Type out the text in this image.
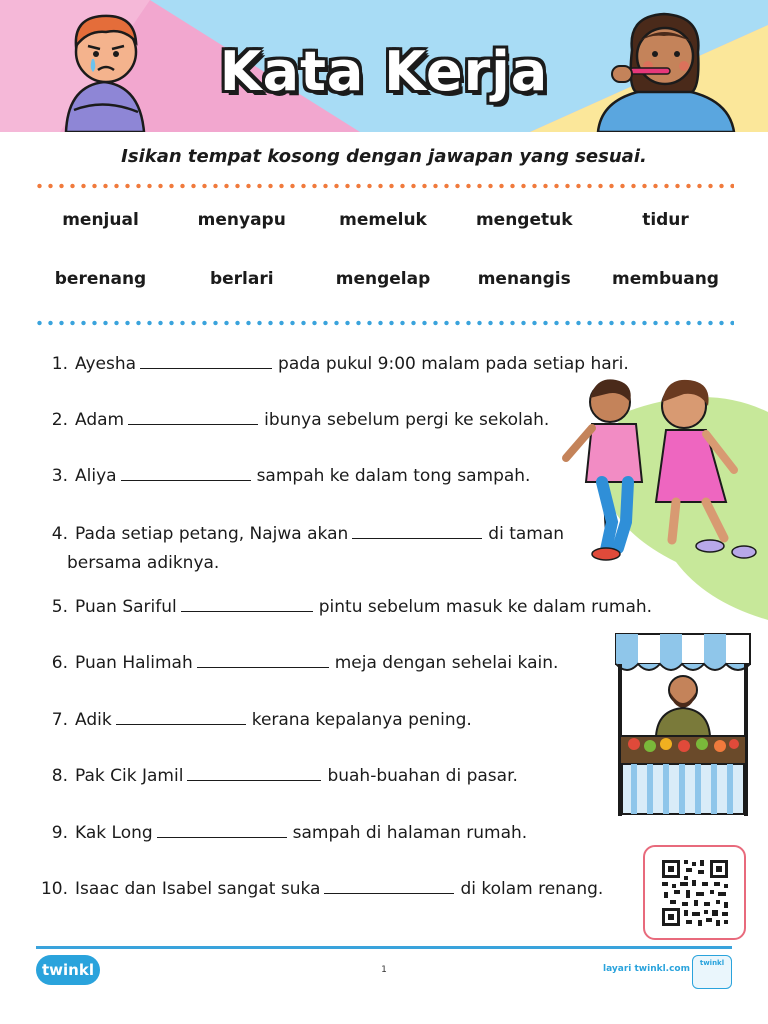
Kata Kerja
Isikan tempat kosong dengan jawapan yang sesuai.
menjual	menyapu	memeluk	mengetuk	tidur
berenang	berlari	mengelap	menangis	membuang
1. Ayesha	pada pukul 9:00 malam pada setiap hari.
2. Adam	ibunya sebelum pergi ke sekolah.
3. Aliya	sampah ke dalam tong sampah.
4. Pada setiap petang, Najwa akan	di taman
bersama adiknya.
5. Puan Sariful	pintu sebelum masuk ke dalam rumah.
6. Puan Halimah	meja dengan sehelai kain.
7. Adik	kerana kepalanya pening.
8. Pak Cik Jamil	buah-buahan di pasar.
9. Kak Long	sampah di halaman rumah.
10. Isaac dan Isabel sangat suka	di kolam renang.
twinkl	1	layari twinkl.com
twinkl
